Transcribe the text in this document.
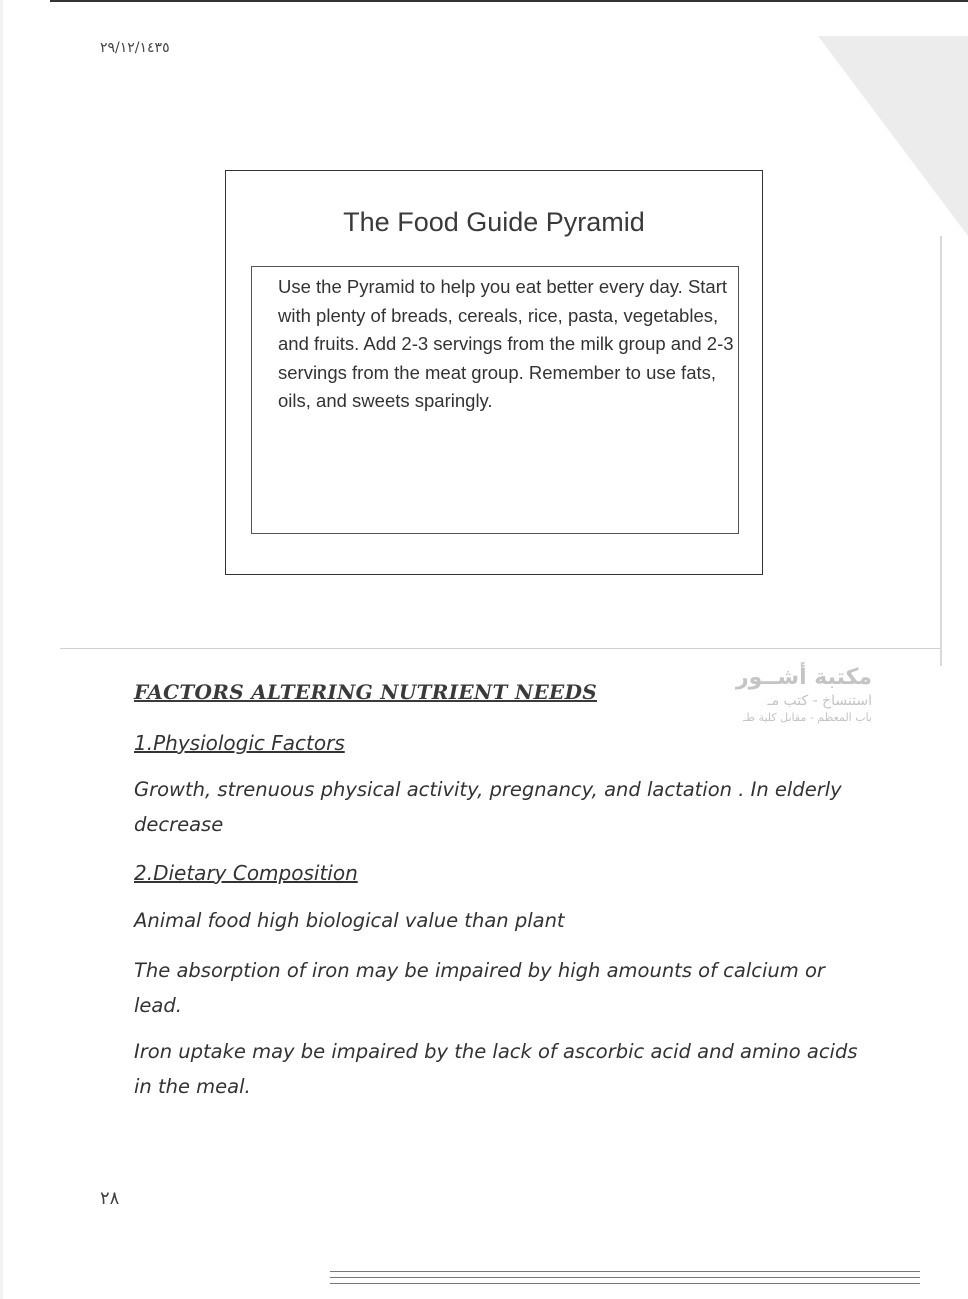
٢٩/١٢/١٤٣٥
The Food Guide Pyramid
Use the Pyramid to help you eat better every day. Start with plenty of breads, cereals, rice, pasta, vegetables, and fruits. Add 2-3 servings from the milk group and 2-3 servings from the meat group. Remember to use fats, oils, and sweets sparingly.
مكتبة أشــور
استنساخ - كتب مـ
باب المعظم - مقابل كلية طـ
FACTORS ALTERING NUTRIENT NEEDS
1.Physiologic Factors
Growth, strenuous physical activity, pregnancy, and lactation . In elderly decrease
2.Dietary Composition
Animal food high biological value than plant
The absorption of iron may be impaired by high amounts of calcium or lead.
Iron uptake may be impaired by the lack of ascorbic acid and amino acids in the meal.
٢٨
